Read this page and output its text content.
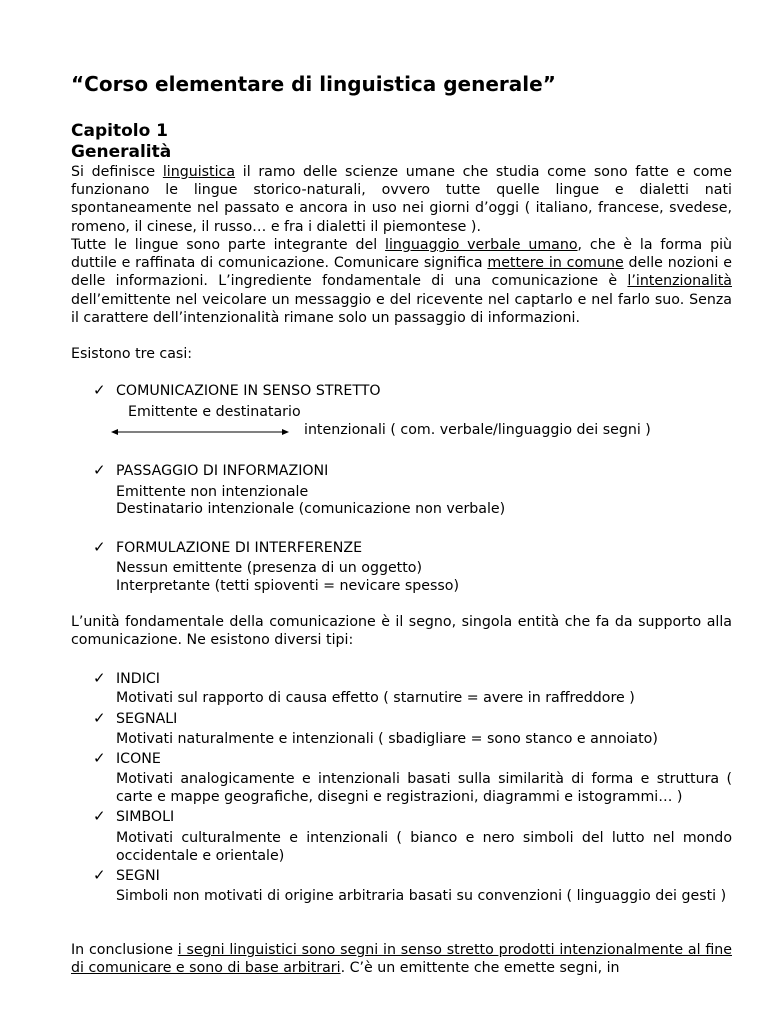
“Corso elementare di linguistica generale”
Capitolo 1
Generalità

Si definisce linguistica il ramo delle scienze umane che studia come sono fatte e come funzionano le lingue storico-naturali, ovvero tutte quelle lingue e dialetti nati spontaneamente nel passato e ancora in uso nei giorni d’oggi ( italiano, francese, svedese, romeno, il cinese, il russo… e fra i dialetti il piemontese ).

Tutte le lingue sono parte integrante del linguaggio verbale umano, che è la forma più duttile e raffinata di comunicazione. Comunicare significa mettere in comune delle nozioni e delle informazioni. L’ingrediente fondamentale di una comunicazione è l’intenzionalità dell’emittente nel veicolare un messaggio e del ricevente nel captarlo e nel farlo suo. Senza il carattere dell’intenzionalità rimane solo un passaggio di informazioni.

Esistono tre casi:
✓ COMUNICAZIONE IN SENSO STRETTO
Emittente e destinatario
intenzionali ( com. verbale/linguaggio dei segni )
✓ PASSAGGIO DI INFORMAZIONI
Emittente non intenzionale
Destinatario intenzionale (comunicazione non verbale)
✓ FORMULAZIONE DI INTERFERENZE
Nessun emittente (presenza di un oggetto)
Interpretante (tetti spioventi = nevicare spesso)

L’unità fondamentale della comunicazione è il segno, singola entità che fa da supporto alla comunicazione. Ne esistono diversi tipi:

✓ INDICI
Motivati sul rapporto di causa effetto ( starnutire = avere in raffreddore )
✓ SEGNALI
Motivati naturalmente e intenzionali ( sbadigliare = sono stanco e annoiato)
✓ ICONE
Motivati analogicamente e intenzionali basati sulla similarità di forma e struttura ( carte e mappe geografiche, disegni e registrazioni, diagrammi e istogrammi… )
✓ SIMBOLI
Motivati culturalmente e intenzionali ( bianco e nero simboli del lutto nel mondo occidentale e orientale)
✓ SEGNI
Simboli non motivati di origine arbitraria basati su convenzioni ( linguaggio dei gesti )

In conclusione i segni linguistici sono segni in senso stretto prodotti intenzionalmente al fine di comunicare e sono di base arbitrari. C’è un emittente che emette segni, in
